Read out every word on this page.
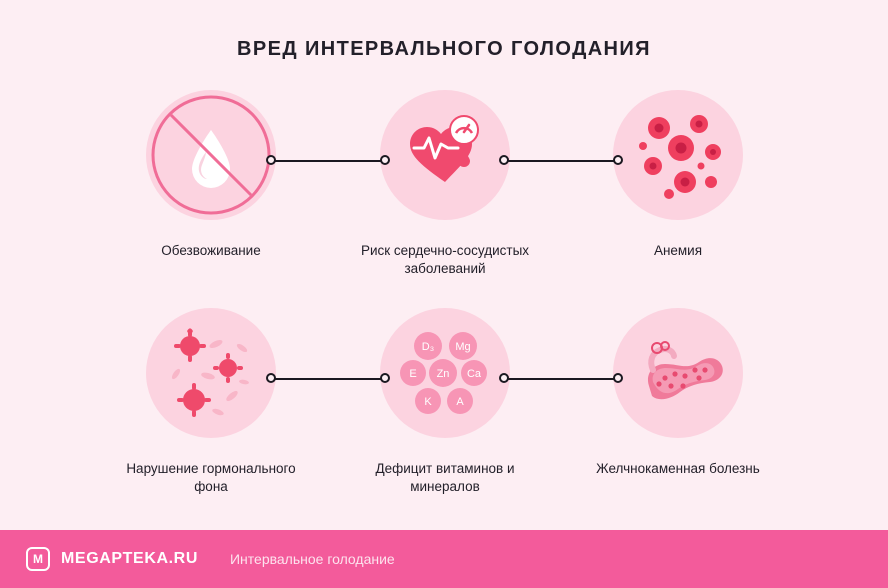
ВРЕД ИНТЕРВАЛЬНОГО ГОЛОДАНИЯ
Обезвоживание	Риск сердечно-сосудистых заболеваний
Анемия
Нарушение гормонального фона
D₃ Mg
E Zn Ca
K A
Дефицит витаминов и минералов
Желчнокаменная болезнь
M
MEGAPTEKA.RU Интервальное голодание
